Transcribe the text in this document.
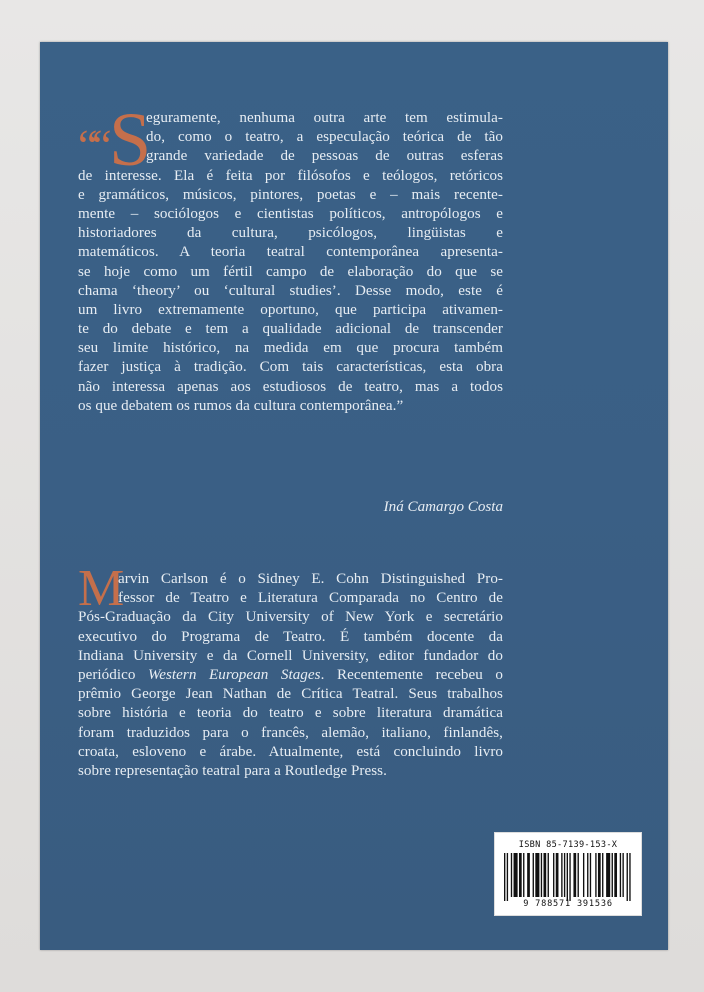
“
“ S
eguramente, nenhuma outra arte tem estimula-
do, como o teatro, a especulação teórica de tão
grande variedade de pessoas de outras esferas
de interesse. Ela é feita por filósofos e teólogos, retóricos
e gramáticos, músicos, pintores, poetas e – mais recente-
mente – sociólogos e cientistas políticos, antropólogos e
historiadores da cultura, psicólogos, lingüistas e
matemáticos. A teoria teatral contemporânea apresenta-
se hoje como um fértil campo de elaboração do que se
chama ‘theory’ ou ‘cultural studies’. Desse modo, este é
um livro extremamente oportuno, que participa ativamen-
te do debate e tem a qualidade adicional de transcender
seu limite histórico, na medida em que procura também
fazer justiça à tradição. Com tais características, esta obra
não interessa apenas aos estudiosos de teatro, mas a todos
os que debatem os rumos da cultura contemporânea.”
Iná Camargo Costa
M
arvin Carlson é o Sidney E. Cohn Distinguished Pro-
fessor de Teatro e Literatura Comparada no Centro de
Pós-Graduação da City University of New York e secretário
executivo do Programa de Teatro. É também docente da
Indiana University e da Cornell University, editor fundador do
periódico Western European Stages. Recentemente recebeu o
prêmio George Jean Nathan de Crítica Teatral. Seus trabalhos
sobre história e teoria do teatro e sobre literatura dramática
foram traduzidos para o francês, alemão, italiano, finlandês,
croata, esloveno e árabe. Atualmente, está concluindo livro
sobre representação teatral para a Routledge Press.
ISBN 85-7139-153-X
9 788571 391536
